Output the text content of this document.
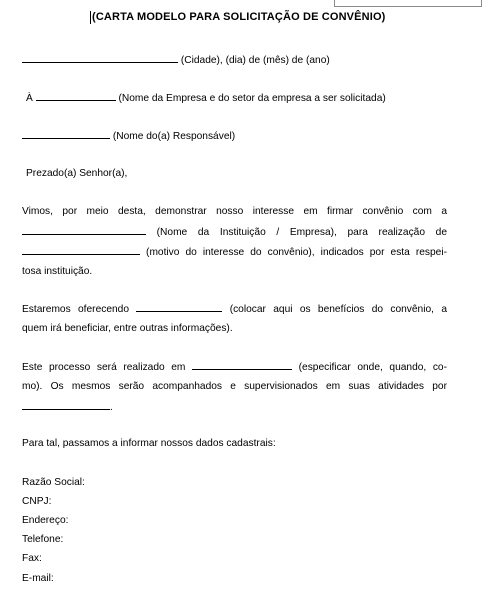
(CARTA MODELO PARA SOLICITAÇÃO DE CONVÊNIO)
(Cidade), (dia) de (mês) de (ano)
À	(Nome da Empresa e do setor da empresa a ser solicitada)
(Nome do(a) Responsável)
Prezado(a) Senhor(a),
Vimos, por meio desta, demonstrar nosso interesse em firmar convênio com a
(Nome da Instituição / Empresa), para realização de
(motivo do interesse do convênio), indicados por esta respei-
tosa instituição.
Estaremos oferecendo	(colocar aqui os benefícios do convênio, a
quem irá beneficiar, entre outras informações).
Este processo será realizado em	(especificar onde, quando, co-
mo). Os mesmos serão acompanhados e supervisionados em suas atividades por
.
Para tal, passamos a informar nossos dados cadastrais:
Razão Social:
CNPJ:
Endereço:
Telefone:
Fax:
E-mail:
